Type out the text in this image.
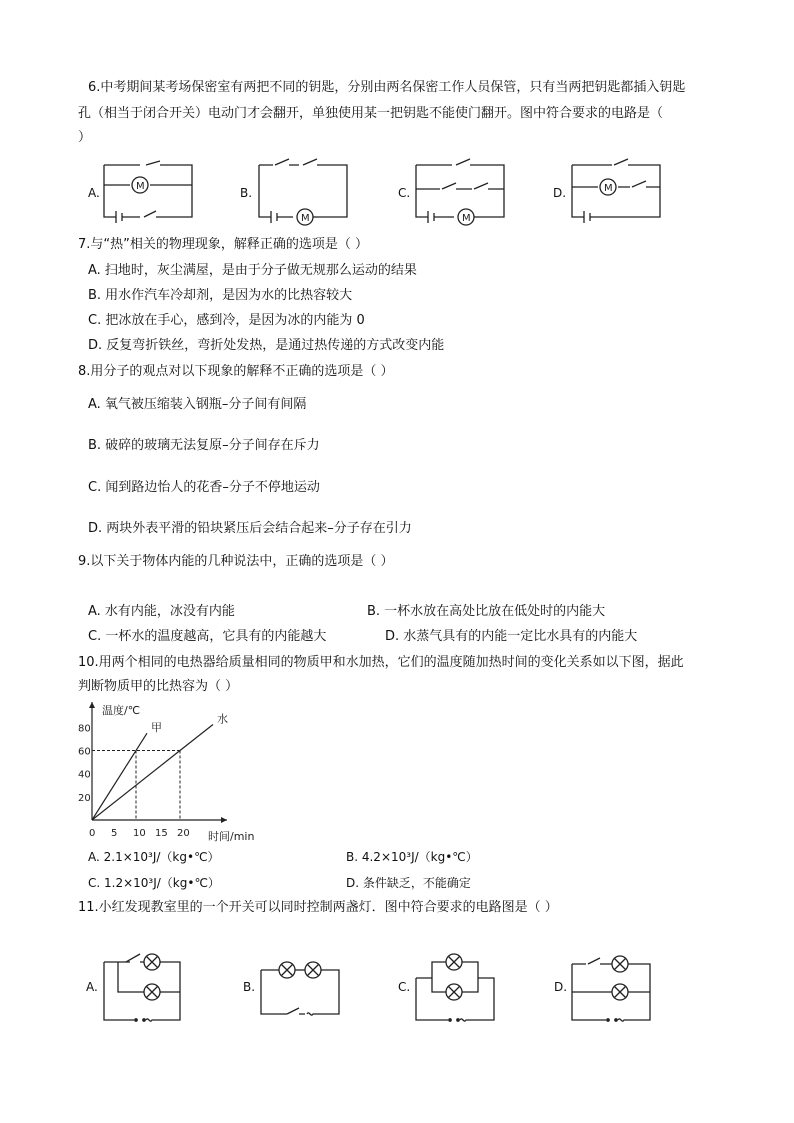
6.中考期间某考场保密室有两把不同的钥匙，分别由两名保密工作人员保管，只有当两把钥匙都插入钥匙
孔（相当于闭合开关）电动门才会翻开，单独使用某一把钥匙不能使门翻开。图中符合要求的电路是（
）
A.	B.	C.	D.
M
M	M
M
7.与“热”相关的物理现象，解释正确的选项是（ ）
A. 扫地时，灰尘满屋，是由于分子做无规那么运动的结果
B. 用水作汽车冷却剂，是因为水的比热容较大
C. 把冰放在手心，感到冷，是因为冰的内能为 0
D. 反复弯折铁丝，弯折处发热，是通过热传递的方式改变内能
8.用分子的观点对以下现象的解释不正确的选项是（ ）
A. 氧气被压缩装入钢瓶–分子间有间隔
B. 破碎的玻璃无法复原–分子间存在斥力
C. 闻到路边怡人的花香–分子不停地运动
D. 两块外表平滑的铅块紧压后会结合起来–分子存在引力
9.以下关于物体内能的几种说法中，正确的选项是（ ）
A. 水有内能，冰没有内能	B. 一杯水放在高处比放在低处时的内能大
C. 一杯水的温度越高，它具有的内能越大	D. 水蒸气具有的内能一定比水具有的内能大
10.用两个相同的电热器给质量相同的物质甲和水加热，它们的温度随加热时间的变化关系如以下图，据此
判断物质甲的比热容为（ ）
0 5 10 15 20
20
40
60
80
温度/℃
时间/min
甲
水
A. 2.1×10³J/（kg•℃）	B. 4.2×10³J/（kg•℃）
C. 1.2×10³J/（kg•℃）	D. 条件缺乏，不能确定
11.小红发现教室里的一个开关可以同时控制两盏灯．图中符合要求的电路图是（ ）
A.	B.	C.	D.
